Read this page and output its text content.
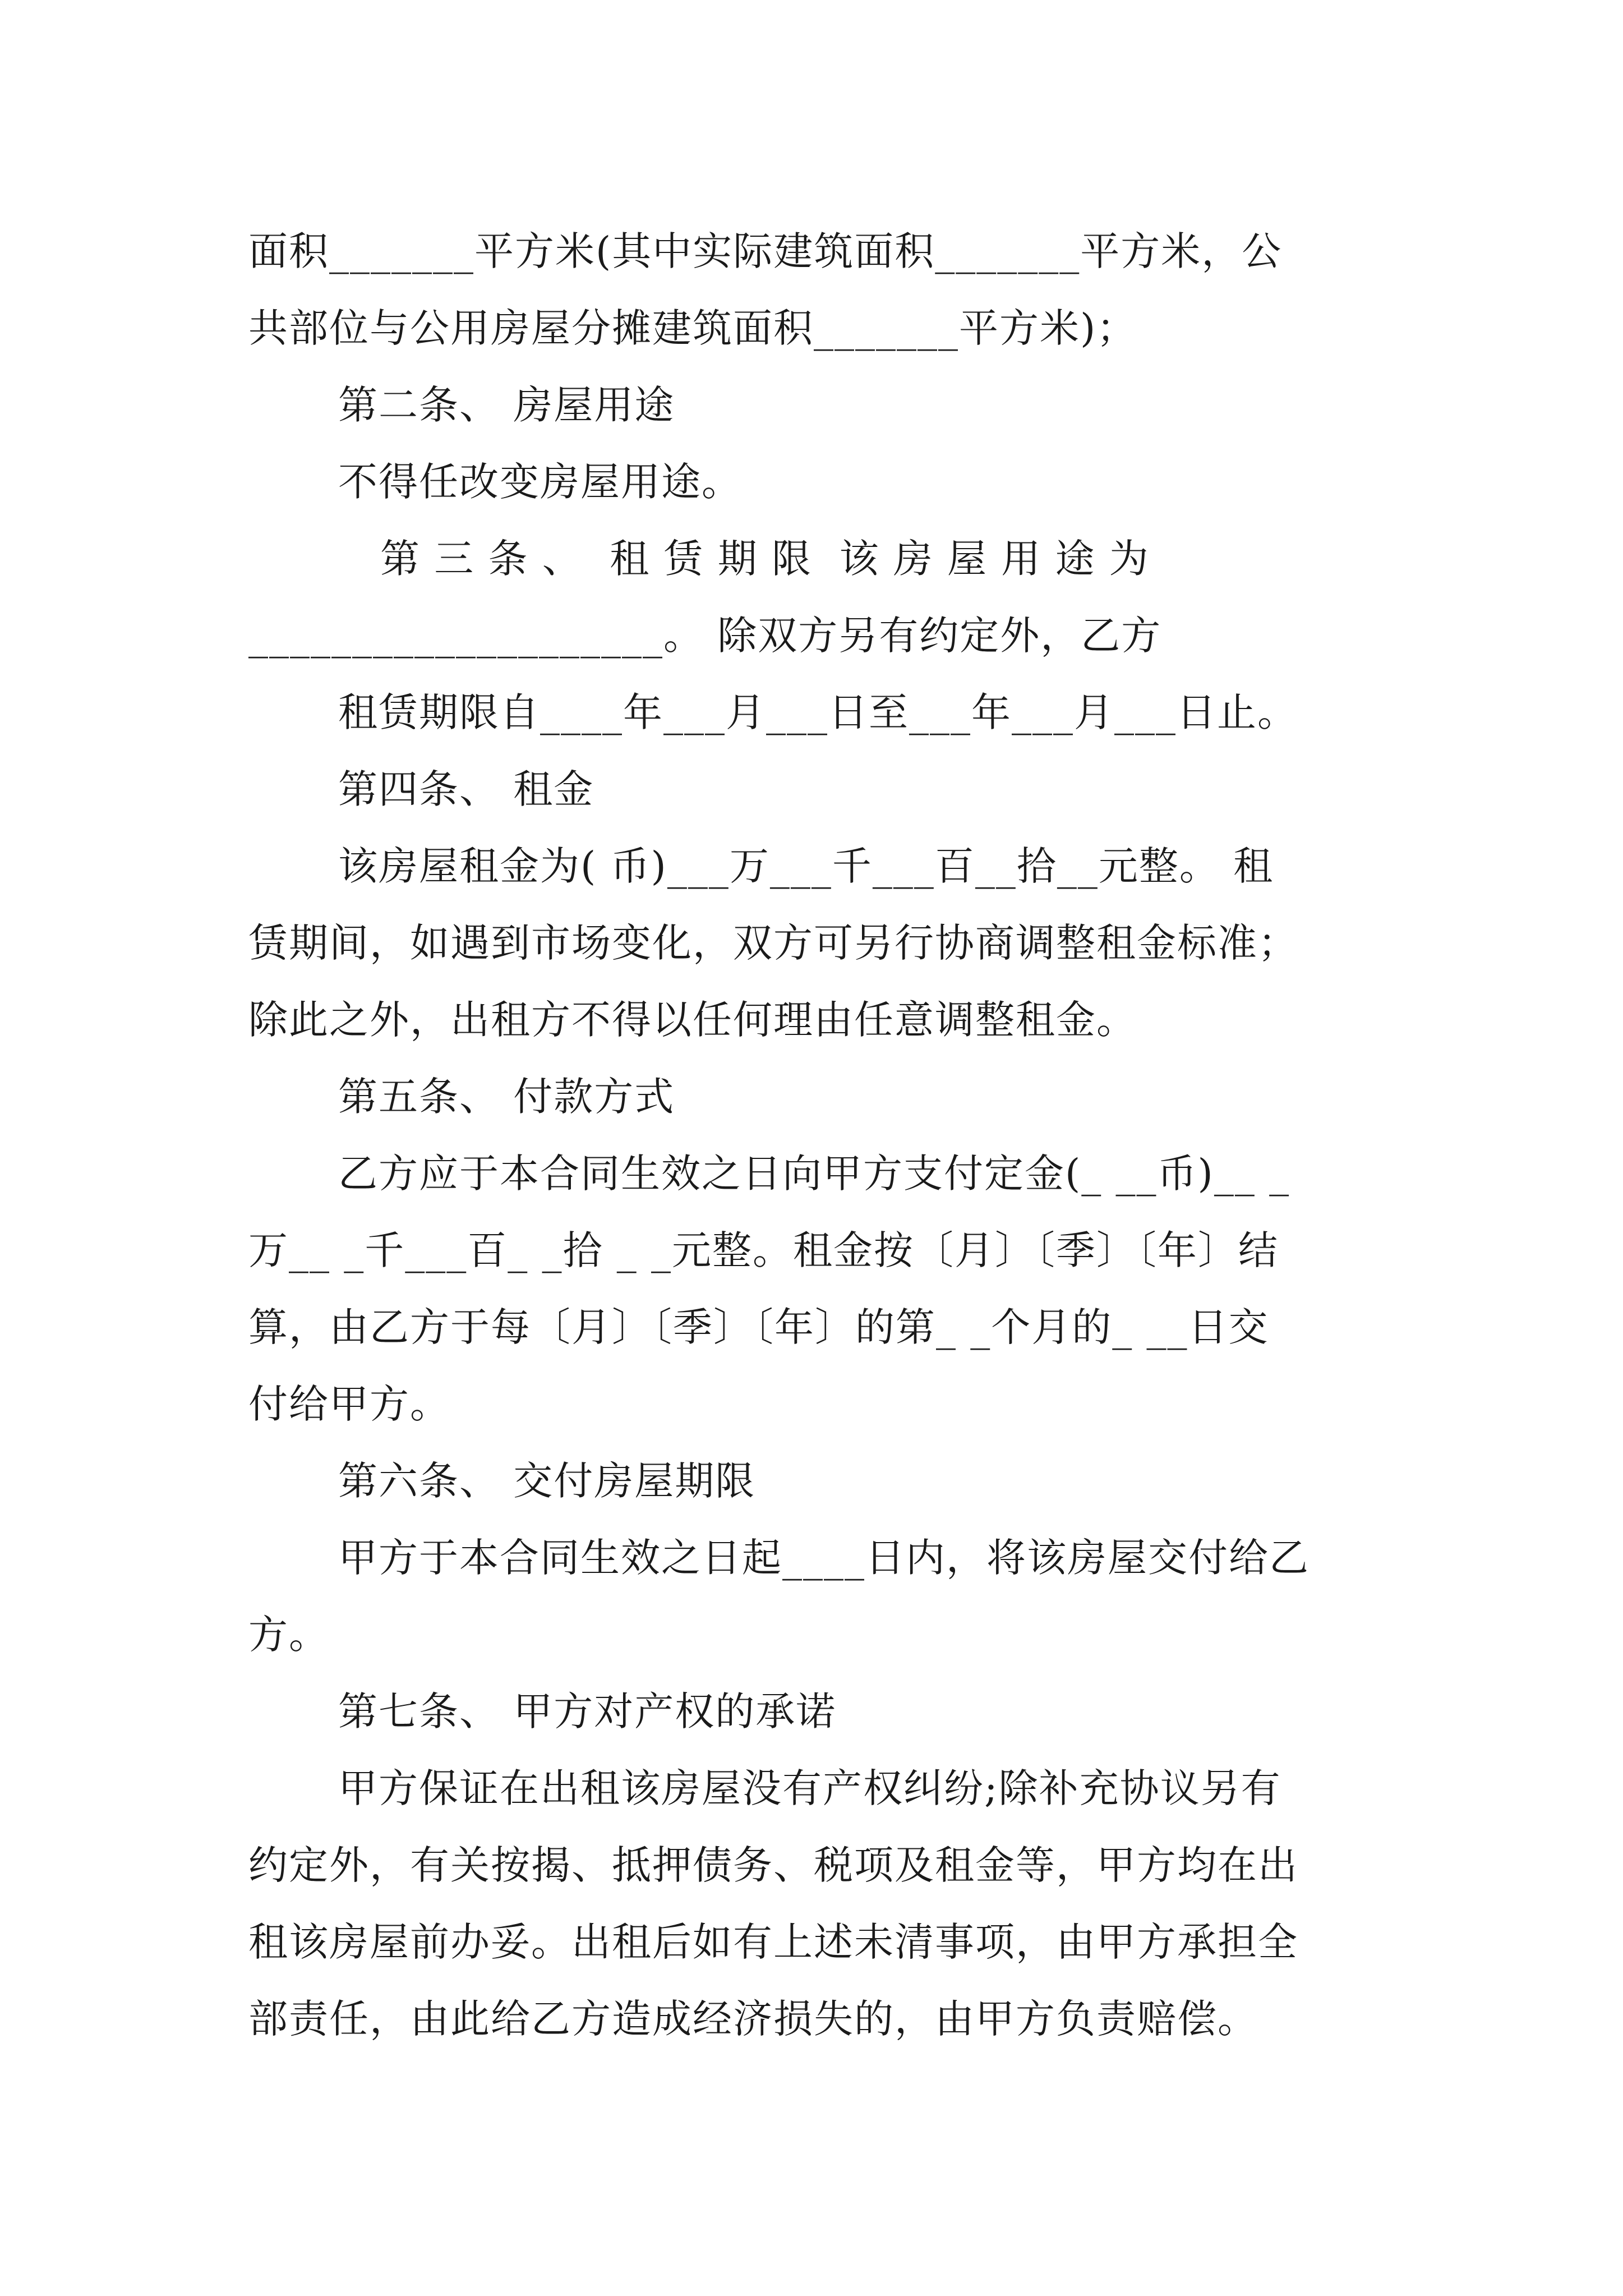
面积_______平方米(其中实际建筑面积_______平方米，公
共部位与公用房屋分摊建筑面积_______平方米)；
第二条、 房屋用途
不得任改变房屋用途。
第 三 条 、  租 赁 期 限  该 房 屋 用 途 为
____________________。 除双方另有约定外，乙方
租赁期限自____年___月___日至___年___月___日止。
第四条、 租金
该房屋租金为( 币)___万___千___百__拾__元整。 租
赁期间，如遇到市场变化，双方可另行协商调整租金标准；
除此之外，出租方不得以任何理由任意调整租金。
第五条、 付款方式
乙方应于本合同生效之日向甲方支付定金(_ __币)__ _
万__ _千___百_ _拾 _ _元整。租金按〔月〕〔季〕〔年〕结
算，由乙方于每〔月〕〔季〕〔年〕的第_ _个月的_ __日交
付给甲方。
第六条、 交付房屋期限
甲方于本合同生效之日起____日内，将该房屋交付给乙
方。
第七条、 甲方对产权的承诺
甲方保证在出租该房屋没有产权纠纷;除补充协议另有
约定外，有关按揭、抵押债务、税项及租金等，甲方均在出
租该房屋前办妥。出租后如有上述未清事项，由甲方承担全
部责任，由此给乙方造成经济损失的，由甲方负责赔偿。
